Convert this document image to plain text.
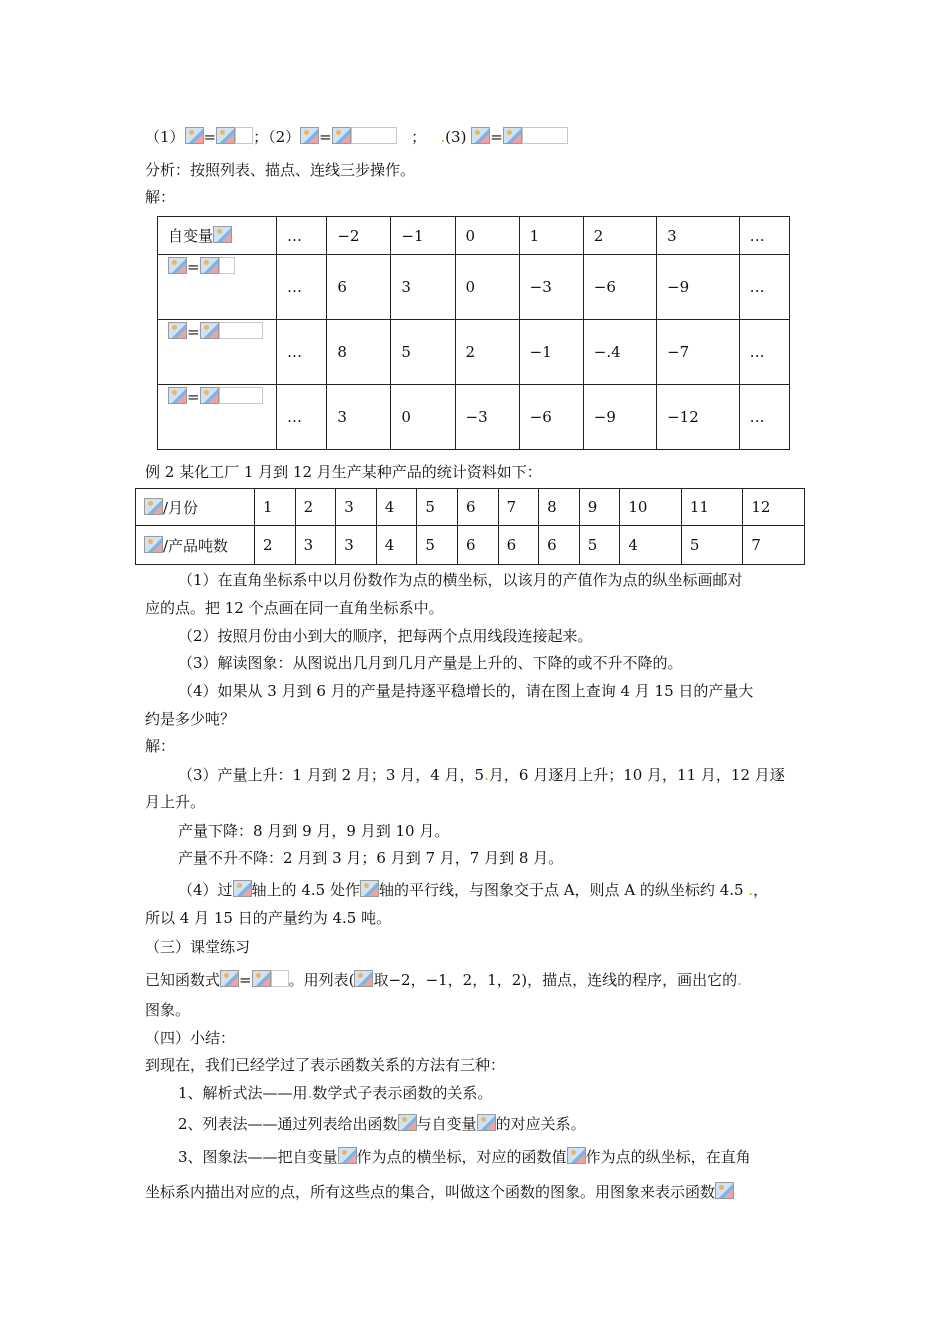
（1） = ；（2） =	； .(3) =
分析：按照列表、描点、连线三步操作。
解：
自变量	…	−2	−1	0	1	2	3	…
=	…	6	3	0	−3	−6	−9	…
=	…	8	5	2	−1	−.4	−7	…
=	…	3	0	−3	−6	−9	−12	…
例 2 某化工厂 1 月到 12 月生产某种产品的统计资料如下：
/月份	1	2	3	4	5	6	7	8	9	10	11	12
/产品吨数	2	3	3	4	5	6	6	6	5	4	5	7
（1）在直角坐标系中以月份数作为点的横坐标，以该月的产值作为点的纵坐标画邮对
应的点。把 12 个点画在同一直角坐标系中。
（2）按照月份由小到大的顺序，把每两个点用线段连接起来。
（3）解读图象：从图说出几月到几月产量是上升的、下降的或不升不降的。
（4）如果从 3 月到 6 月的产量是持逐平稳增长的，请在图上查询 4 月 15 日的产量大
约是多少吨？
解：
（3）产量上升：1 月到 2 月；3 月，4 月，5.月，6 月逐月上升；10 月，11 月，12 月逐
月上升。
产量下降：8 月到 9 月，9 月到 10 月。
产量不升不降：2 月到 3 月；6 月到 7 月，7 月到 8 月。
（4）过 轴上的 4.5 处作 轴的平行线，与图象交于点 A，则点 A 的纵坐标约 4.5 .，
所以 4 月 15 日的产量约为 4.5 吨。
（三）课堂练习
已知函数式 = 。用列表( 取−2，−1，2，1，2)，描点，连线的程序，画出它的.
图象。
（四）小结：
到现在，我们已经学过了表示函数关系的方法有三种：
1、解析式法——用.数学式子表示函数的关系。
2、列表法——通过列表给出函数 与自变量 的对应关系。
3、图象法——把自变量 作为点的横坐标，对应的函数值 作为点的纵坐标，在直角
坐标系内描出对应的点，所有这些点的集合，叫做这个函数的图象。用图象来表示函数
